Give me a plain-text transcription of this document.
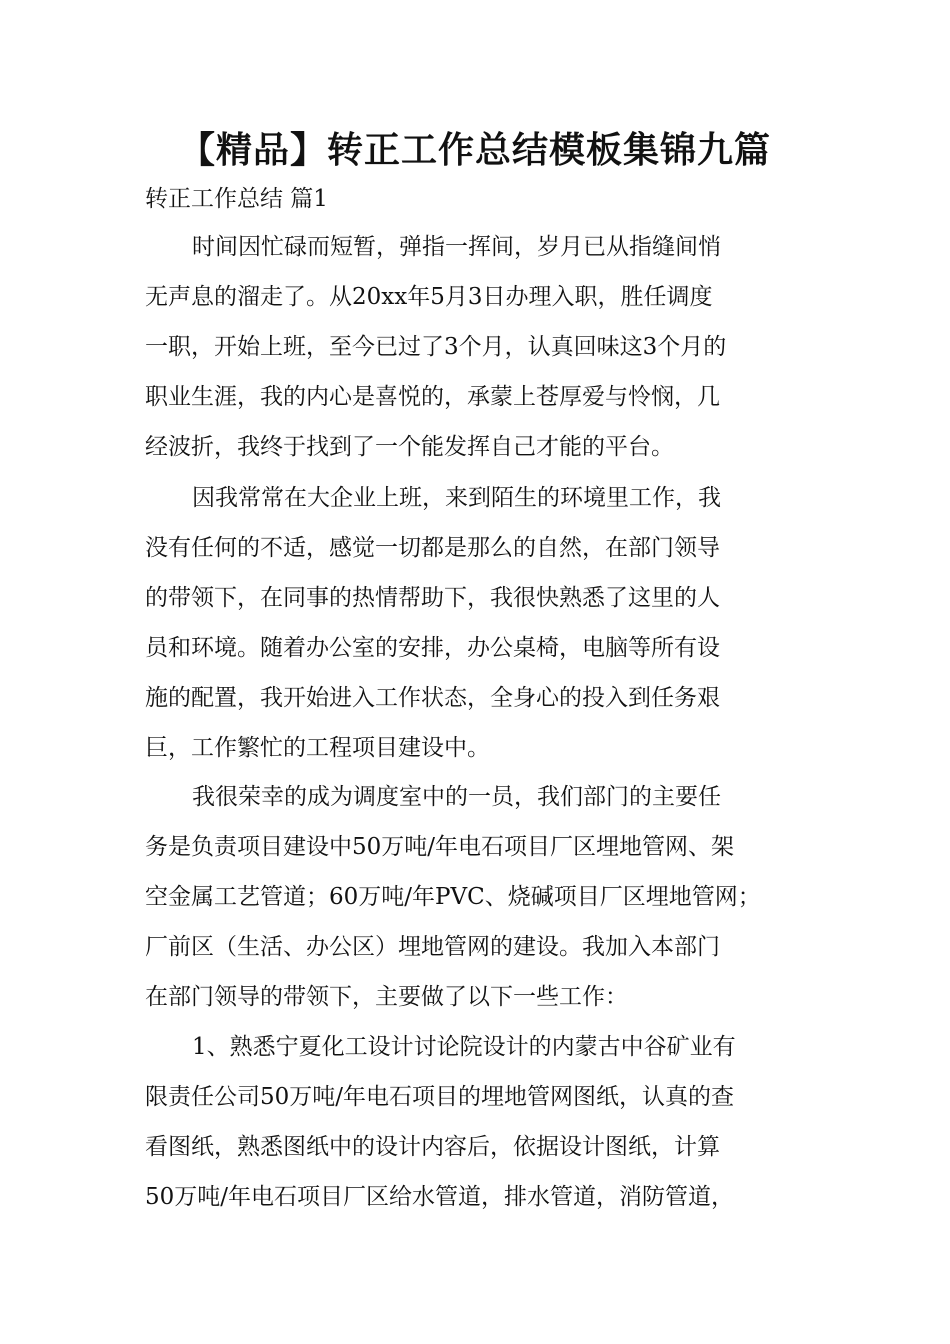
【精品】转正工作总结模板集锦九篇
转正工作总结 篇1
时间因忙碌而短暂，弹指一挥间，岁月已从指缝间悄
无声息的溜走了。从20xx年5月3日办理入职，胜任调度
一职，开始上班，至今已过了3个月，认真回味这3个月的
职业生涯，我的内心是喜悦的，承蒙上苍厚爱与怜悯，几
经波折，我终于找到了一个能发挥自己才能的平台。
因我常常在大企业上班，来到陌生的环境里工作，我
没有任何的不适，感觉一切都是那么的自然，在部门领导
的带领下，在同事的热情帮助下，我很快熟悉了这里的人
员和环境。随着办公室的安排，办公桌椅，电脑等所有设
施的配置，我开始进入工作状态，全身心的投入到任务艰
巨，工作繁忙的工程项目建设中。
我很荣幸的成为调度室中的一员，我们部门的主要任
务是负责项目建设中50万吨/年电石项目厂区埋地管网、架
空金属工艺管道；60万吨/年PVC、烧碱项目厂区埋地管网；
厂前区（生活、办公区）埋地管网的建设。我加入本部门
在部门领导的带领下，主要做了以下一些工作：
1、熟悉宁夏化工设计讨论院设计的内蒙古中谷矿业有
限责任公司50万吨/年电石项目的埋地管网图纸，认真的查
看图纸，熟悉图纸中的设计内容后，依据设计图纸，计算
50万吨/年电石项目厂区给水管道，排水管道，消防管道，
